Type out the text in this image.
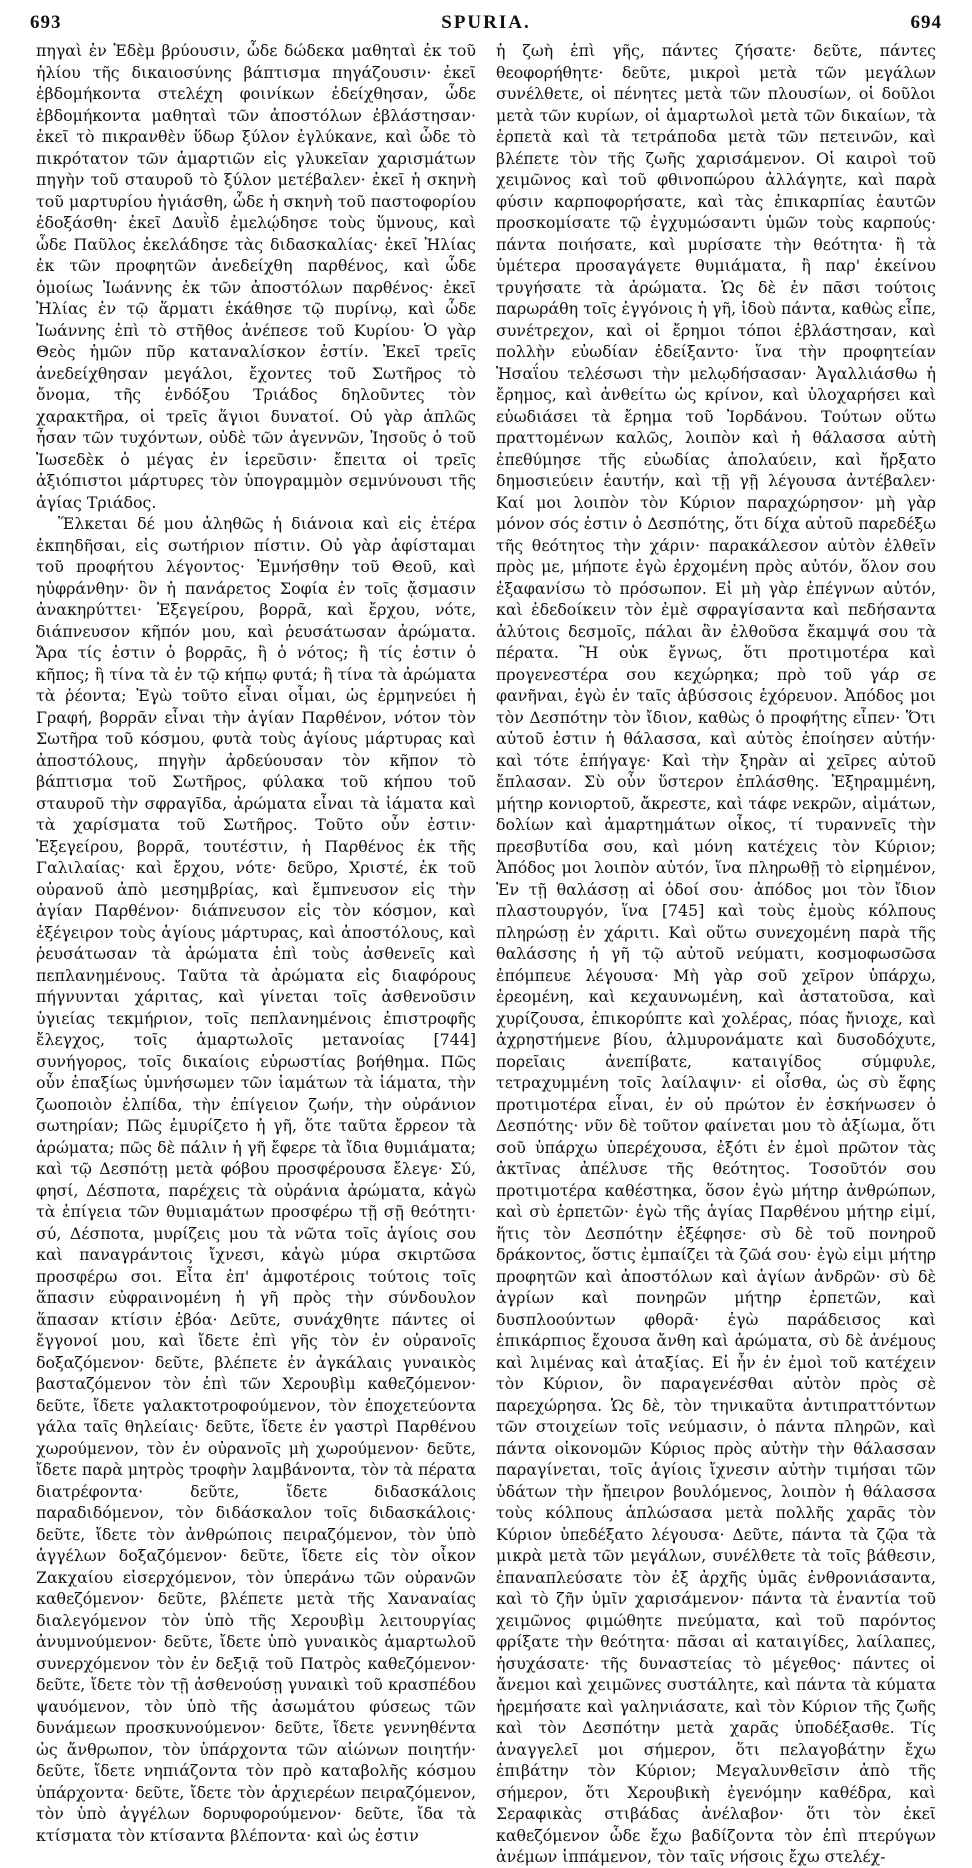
693	SPURIA.	694

πηγαὶ ἐν Ἐδὲμ βρύουσιν, ὧδε δώδεκα μαθηταὶ ἐκ τοῦ ἡλίου τῆς δικαιοσύνης βάπτισμα πηγάζουσιν· ἐκεῖ ἑβδομήκοντα στελέχη φοινίκων ἐδείχθησαν, ὧδε ἑβδομήκοντα μαθηταὶ τῶν ἀποστόλων ἐβλάστησαν· ἐκεῖ τὸ πικρανθὲν ὕδωρ ξύλον ἐγλύκανε, καὶ ὧδε τὸ πικρότατον τῶν ἁμαρτιῶν εἰς γλυκεῖαν χαρισμάτων πηγὴν τοῦ σταυροῦ τὸ ξύλον μετέβαλεν· ἐκεῖ ἡ σκηνὴ τοῦ μαρτυρίου ἡγιάσθη, ὧδε ἡ σκηνὴ τοῦ παστοφορίου ἐδοξάσθη· ἐκεῖ Δαυῒδ ἐμελῴδησε τοὺς ὕμνους, καὶ ὧδε Παῦλος ἐκελάδησε τὰς διδασκαλίας· ἐκεῖ Ἠλίας ἐκ τῶν προφητῶν ἀνεδείχθη παρθένος, καὶ ὧδε ὁμοίως Ἰωάννης ἐκ τῶν ἀποστόλων παρθένος· ἐκεῖ Ἠλίας ἐν τῷ ἅρματι ἐκάθησε τῷ πυρίνῳ, καὶ ὧδε Ἰωάννης ἐπὶ τὸ στῆθος ἀνέπεσε τοῦ Κυρίου· Ὁ γὰρ Θεὸς ἡμῶν πῦρ καταναλίσκον ἐστίν. Ἐκεῖ τρεῖς ἀνεδείχθησαν μεγάλοι, ἔχοντες τοῦ Σωτῆρος τὸ ὄνομα, τῆς ἐνδόξου Τριάδος δηλοῦντες τὸν χαρακτῆρα, οἱ τρεῖς ἅγιοι δυνατοί. Οὐ γὰρ ἁπλῶς ἦσαν τῶν τυχόντων, οὐδὲ τῶν ἀγεννῶν, Ἰησοῦς ὁ τοῦ Ἰωσεδὲκ ὁ μέγας ἐν ἱερεῦσιν· ἔπειτα οἱ τρεῖς ἀξιόπιστοι μάρτυρες τὸν ὑπογραμμὸν σεμνύνουσι τῆς ἁγίας Τριάδος.

Ἕλκεται δέ μου ἀληθῶς ἡ διάνοια καὶ εἰς ἑτέρα ἐκπηδῆσαι, εἰς σωτήριον πίστιν. Οὐ γὰρ ἀφίσταμαι τοῦ προφήτου λέγοντος· Ἐμνήσθην τοῦ Θεοῦ, καὶ ηὐφράνθην· ὃν ἡ πανάρετος Σοφία ἐν τοῖς ᾄσμασιν ἀνακηρύττει· Ἐξεγείρου, βορρᾶ, καὶ ἔρχου, νότε, διάπνευσον κῆπόν μου, καὶ ῥευσάτωσαν ἀρώματα. Ἄρα τίς ἐστιν ὁ βορρᾶς, ἢ ὁ νότος; ἢ τίς ἐστιν ὁ κῆπος; ἢ τίνα τὰ ἐν τῷ κήπῳ φυτά; ἢ τίνα τὰ ἀρώματα τὰ ῥέοντα; Ἐγὼ τοῦτο εἶναι οἶμαι, ὡς ἑρμηνεύει ἡ Γραφή, βορρᾶν εἶναι τὴν ἁγίαν Παρθένον, νότον τὸν Σωτῆρα τοῦ κόσμου, φυτὰ τοὺς ἁγίους μάρτυρας καὶ ἀποστόλους, πηγὴν ἀρδεύουσαν τὸν κῆπον τὸ βάπτισμα τοῦ Σωτῆρος, φύλακα τοῦ κήπου τοῦ σταυροῦ τὴν σφραγῖδα, ἀρώματα εἶναι τὰ ἰάματα καὶ τὰ χαρίσματα τοῦ Σωτῆρος. Τοῦτο οὖν ἐστιν· Ἐξεγείρου, βορρᾶ, τουτέστιν, ἡ Παρθένος ἐκ τῆς Γαλιλαίας· καὶ ἔρχου, νότε· δεῦρο, Χριστέ, ἐκ τοῦ οὐρανοῦ ἀπὸ μεσημβρίας, καὶ ἔμπνευσον εἰς τὴν ἁγίαν Παρθένον· διάπνευσον εἰς τὸν κόσμον, καὶ ἐξέγειρον τοὺς ἁγίους μάρτυρας, καὶ ἀποστόλους, καὶ ῥευσάτωσαν τὰ ἀρώματα ἐπὶ τοὺς ἀσθενεῖς καὶ πεπλανημένους. Ταῦτα τὰ ἀρώματα εἰς διαφόρους πήγνυνται χάριτας, καὶ γίνεται τοῖς ἀσθενοῦσιν ὑγιείας τεκμήριον, τοῖς πεπλανημένοις ἐπιστροφῆς ἔλεγχος, τοῖς ἁμαρτωλοῖς μετανοίας [744] συνήγορος, τοῖς δικαίοις εὐρωστίας βοήθημα. Πῶς οὖν ἐπαξίως ὑμνήσωμεν τῶν ἰαμάτων τὰ ἰάματα, τὴν ζωοποιὸν ἐλπίδα, τὴν ἐπίγειον ζωήν, τὴν οὐράνιον σωτηρίαν; Πῶς ἐμυρίζετο ἡ γῆ, ὅτε ταῦτα ἔρρεον τὰ ἀρώματα; πῶς δὲ πάλιν ἡ γῆ ἔφερε τὰ ἴδια θυμιάματα; καὶ τῷ Δεσπότῃ μετὰ φόβου προσφέρουσα ἔλεγε· Σύ, φησί, Δέσποτα, παρέχεις τὰ οὐράνια ἀρώματα, κἀγὼ τὰ ἐπίγεια τῶν θυμιαμάτων προσφέρω τῇ σῇ θεότητι· σύ, Δέσποτα, μυρίζεις μου τὰ νῶτα τοῖς ἁγίοις σου καὶ παναγράντοις ἴχνεσι, κἀγὼ μύρα σκιρτῶσα προσφέρω σοι. Εἶτα ἐπ' ἀμφοτέροις τούτοις τοῖς ἅπασιν εὐφραινομένη ἡ γῆ πρὸς τὴν σύνδουλον ἅπασαν κτίσιν ἐβόα· Δεῦτε, συνάχθητε πάντες οἱ ἔγγονοί μου, καὶ ἴδετε ἐπὶ γῆς τὸν ἐν οὐρανοῖς δοξαζόμενον· δεῦτε, βλέπετε ἐν ἀγκάλαις γυναικὸς βασταζόμενον τὸν ἐπὶ τῶν Χερουβὶμ καθεζόμενον· δεῦτε, ἴδετε γαλακτοτροφούμενον, τὸν ἐποχετεύοντα γάλα ταῖς θηλείαις· δεῦτε, ἴδετε ἐν γαστρὶ Παρθένου χωρούμενον, τὸν ἐν οὐρανοῖς μὴ χωρούμενον· δεῦτε, ἴδετε παρὰ μητρὸς τροφὴν λαμβάνοντα, τὸν τὰ πέρατα διατρέφοντα· δεῦτε, ἴδετε διδασκάλοις παραδιδόμενον, τὸν διδάσκαλον τοῖς διδασκάλοις· δεῦτε, ἴδετε τὸν ἀνθρώποις πειραζόμενον, τὸν ὑπὸ ἀγγέλων δοξαζόμενον· δεῦτε, ἴδετε εἰς τὸν οἶκον Ζακχαίου εἰσερχόμενον, τὸν ὑπεράνω τῶν οὐρανῶν καθεζόμενον· δεῦτε, βλέπετε μετὰ τῆς Χαναναίας διαλεγόμενον τὸν ὑπὸ τῆς Χερουβὶμ λειτουργίας ἀνυμνούμενον· δεῦτε, ἴδετε ὑπὸ γυναικὸς ἁμαρτωλοῦ συνερχόμενον τὸν ἐν δεξιᾷ τοῦ Πατρὸς καθεζόμενον· δεῦτε, ἴδετε τὸν τῇ ἀσθενούσῃ γυναικὶ τοῦ κρασπέδου ψαυόμενον, τὸν ὑπὸ τῆς ἀσωμάτου φύσεως τῶν δυνάμεων προσκυνούμενον· δεῦτε, ἴδετε γεννηθέντα ὡς ἄνθρωπον, τὸν ὑπάρχοντα τῶν αἰώνων ποιητήν· δεῦτε, ἴδετε νηπιάζοντα τὸν πρὸ καταβολῆς κόσμου ὑπάρχοντα· δεῦτε, ἴδετε τὸν ἀρχιερέων πειραζόμενον, τὸν ὑπὸ ἀγγέλων δορυφορούμενον· δεῦτε, ἴδα τὰ κτίσματα τὸν κτίσαντα βλέποντα· καὶ ὡς ἐστιν

ἡ ζωὴ ἐπὶ γῆς, πάντες ζήσατε· δεῦτε, πάντες θεοφορήθητε· δεῦτε, μικροὶ μετὰ τῶν μεγάλων συνέλθετε, οἱ πένητες μετὰ τῶν πλουσίων, οἱ δοῦλοι μετὰ τῶν κυρίων, οἱ ἁμαρτωλοὶ μετὰ τῶν δικαίων, τὰ ἑρπετὰ καὶ τὰ τετράποδα μετὰ τῶν πετεινῶν, καὶ βλέπετε τὸν τῆς ζωῆς χαρισάμενον. Οἱ καιροὶ τοῦ χειμῶνος καὶ τοῦ φθινοπώρου ἀλλάγητε, καὶ παρὰ φύσιν καρποφορήσατε, καὶ τὰς ἐπικαρπίας ἑαυτῶν προσκομίσατε τῷ ἐγχυμώσαντι ὑμῶν τοὺς καρπούς· πάντα ποιήσατε, καὶ μυρίσατε τὴν θεότητα· ἢ τὰ ὑμέτερα προσαγάγετε θυμιάματα, ἢ παρ' ἐκείνου τρυγήσατε τὰ ἀρώματα. Ὡς δὲ ἐν πᾶσι τούτοις παρωράθη τοῖς ἐγγόνοις ἡ γῆ, ἰδοὺ πάντα, καθὼς εἶπε, συνέτρεχον, καὶ οἱ ἔρημοι τόποι ἐβλάστησαν, καὶ πολλὴν εὐωδίαν ἐδείξαντο· ἵνα τὴν προφητείαν Ἡσαΐου τελέσωσι τὴν μελῳδήσασαν· Ἀγαλλιάσθω ἡ ἔρημος, καὶ ἀνθείτω ὡς κρίνον, καὶ ὑλοχαρήσει καὶ εὐωδιάσει τὰ ἔρημα τοῦ Ἰορδάνου. Τούτων οὕτω πραττομένων καλῶς, λοιπὸν καὶ ἡ θάλασσα αὐτὴ ἐπεθύμησε τῆς εὐωδίας ἀπολαύειν, καὶ ἤρξατο δημοσιεύειν ἑαυτήν, καὶ τῇ γῇ λέγουσα ἀντέβαλεν· Καί μοι λοιπὸν τὸν Κύριον παραχώρησον· μὴ γὰρ μόνον σός ἐστιν ὁ Δεσπότης, ὅτι δίχα αὐτοῦ παρεδέξω τῆς θεότητος τὴν χάριν· παρακάλεσον αὐτὸν ἐλθεῖν πρὸς με, μήποτε ἐγὼ ἐρχομένη πρὸς αὐτόν, ὅλον σου ἐξαφανίσω τὸ πρόσωπον. Εἰ μὴ γὰρ ἐπέγνων αὐτόν, καὶ ἐδεδοίκειν τὸν ἐμὲ σφραγίσαντα καὶ πεδήσαντα ἀλύτοις δεσμοῖς, πάλαι ἂν ἐλθοῦσα ἔκαμψά σου τὰ πέρατα. Ἢ οὐκ ἔγνως, ὅτι προτιμοτέρα καὶ προγενεστέρα σου κεχώρηκα; πρὸ τοῦ γάρ σε φανῆναι, ἐγὼ ἐν ταῖς ἀβύσσοις ἐχόρευον. Ἀπόδος μοι τὸν Δεσπότην τὸν ἴδιον, καθὼς ὁ προφήτης εἶπεν· Ὅτι αὐτοῦ ἐστιν ἡ θάλασσα, καὶ αὐτὸς ἐποίησεν αὐτήν· καὶ τότε ἐπήγαγε· Καὶ τὴν ξηρὰν αἱ χεῖρες αὐτοῦ ἔπλασαν. Σὺ οὖν ὕστερον ἐπλάσθης. Ἐξηραμμένη, μήτηρ κονιορτοῦ, ἄκρεστε, καὶ τάφε νεκρῶν, αἱμάτων, δολίων καὶ ἁμαρτημάτων οἶκος, τί τυραννεῖς τὴν πρεσβυτίδα σου, καὶ μόνη κατέχεις τὸν Κύριον; Ἀπόδος μοι λοιπὸν αὐτόν, ἵνα πληρωθῇ τὸ εἰρημένον, Ἐν τῇ θαλάσσῃ αἱ ὁδοί σου· ἀπόδος μοι τὸν ἴδιον πλαστουργόν, ἵνα [745] καὶ τοὺς ἐμοὺς κόλπους πληρώσῃ ἐν χάριτι. Καὶ οὕτω συνεχομένη παρὰ τῆς θαλάσσης ἡ γῆ τῷ αὐτοῦ νεύματι, κοσμοφωσῶσα ἐπόμπευε λέγουσα· Μὴ γὰρ σοῦ χεῖρον ὑπάρχω, ἐρεομένη, καὶ κεχαυνωμένη, καὶ ἀστατοῦσα, καὶ χυρίζουσα, ἐπικορύπτε καὶ χολέρας, πόας ἤνιοχε, καὶ ἀχρηστήμενε βίου, ἁλμυρονάματε καὶ δυσοδόχυτε, πορεῖαις ἀνεπίβατε, καταιγίδος σύμφυλε, τετραχυμμένη τοῖς λαίλαψιν· εἰ οἶσθα, ὡς σὺ ἔφης προτιμοτέρα εἶναι, ἐν οὐ πρώτον ἐν ἐσκήνωσεν ὁ Δεσπότης· νῦν δὲ τοῦτον φαίνεται μου τὸ ἀξίωμα, ὅτι σοῦ ὑπάρχω ὑπερέχουσα, ἐξότι ἐν ἐμοὶ πρῶτον τὰς ἀκτῖνας ἀπέλυσε τῆς θεότητος. Τοσοῦτόν σου προτιμοτέρα καθέστηκα, ὅσον ἐγὼ μήτηρ ἀνθρώπων, καὶ σὺ ἑρπετῶν· ἐγὼ τῆς ἁγίας Παρθένου μήτηρ εἰμί, ἥτις τὸν Δεσπότην ἐξέφησε· σὺ δὲ τοῦ πονηροῦ δράκοντος, ὅστις ἐμπαίζει τὰ ζῶά σου· ἐγὼ εἰμι μήτηρ προφητῶν καὶ ἀποστόλων καὶ ἁγίων ἀνδρῶν· σὺ δὲ ἀγρίων καὶ πονηρῶν μήτηρ ἑρπετῶν, καὶ δυσπλοούντων φθορᾶ· ἐγὼ παράδεισος καὶ ἐπικάρπιος ἔχουσα ἄνθη καὶ ἀρώματα, σὺ δὲ ἀνέμους καὶ λιμένας καὶ ἀταξίας. Εἰ ἦν ἐν ἐμοὶ τοῦ κατέχειν τὸν Κύριον, ὃν παραγενέσθαι αὐτὸν πρὸς σὲ παρεχώρησα. Ὡς δὲ, τὸν τηνικαῦτα ἀντιπραττόντων τῶν στοιχείων τοῖς νεύμασιν, ὁ πάντα πληρῶν, καὶ πάντα οἰκονομῶν Κύριος πρὸς αὐτὴν τὴν θάλασσαν παραγίνεται, τοῖς ἁγίοις ἴχνεσιν αὐτὴν τιμήσαι τῶν ὑδάτων τὴν ἤπειρον βουλόμενος, λοιπὸν ἡ θάλασσα τοὺς κόλπους ἁπλώσασα μετὰ πολλῆς χαρᾶς τὸν Κύριον ὑπεδέξατο λέγουσα· Δεῦτε, πάντα τὰ ζῷα τὰ μικρὰ μετὰ τῶν μεγάλων, συνέλθετε τὰ τοῖς βάθεσιν, ἐπαναπλεύσατε τὸν ἐξ ἀρχῆς ὑμᾶς ἐνθρονιάσαντα, καὶ τὸ ζῆν ὑμῖν χαρισάμενον· πάντα τὰ ἐναντία τοῦ χειμῶνος φιμώθητε πνεύματα, καὶ τοῦ παρόντος φρίξατε τὴν θεότητα· πᾶσαι αἱ καταιγίδες, λαίλαπες, ἡσυχάσατε· τῆς δυναστείας τὸ μέγεθος· πάντες οἱ ἄνεμοι καὶ χειμῶνες συστάλητε, καὶ πάντα τὰ κύματα ἠρεμήσατε καὶ γαληνιάσατε, καὶ τὸν Κύριον τῆς ζωῆς καὶ τὸν Δεσπότην μετὰ χαρᾶς ὑποδέξασθε. Τίς ἀναγγελεῖ μοι σήμερον, ὅτι πελαγοβάτην ἔχω ἐπιβάτην τὸν Κύριον; Μεγαλυνθεῖσιν ἀπὸ τῆς σήμερον, ὅτι Χερουβικὴ ἐγενόμην καθέδρα, καὶ Σεραφικὰς στιβάδας ἀνέλαβον· ὅτι τὸν ἐκεῖ καθεζόμενον ὧδε ἔχω βαδίζοντα τὸν ἐπὶ πτερύγων ἀνέμων ἱππάμενον, τὸν ταῖς νήσοις ἔχω στελέχ-
